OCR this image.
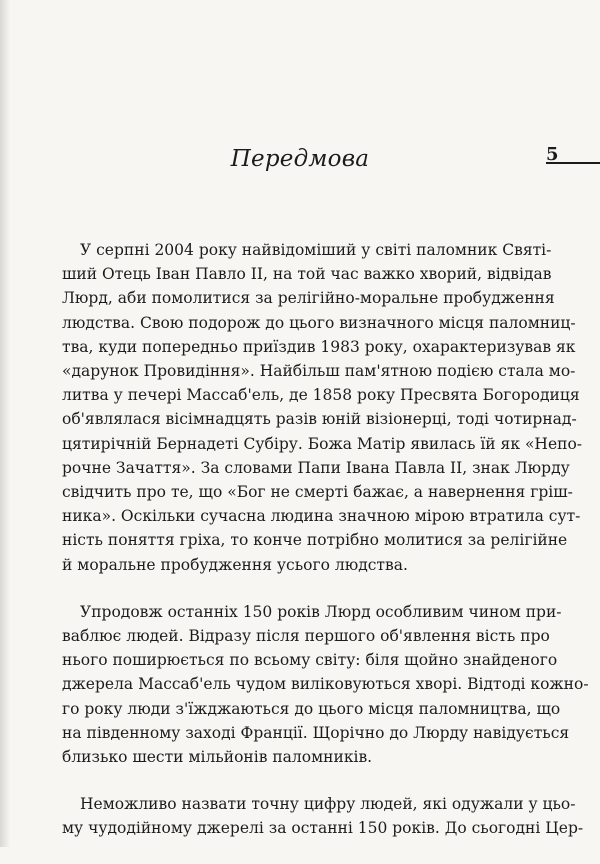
Передмова	5

У серпні 2004 року найвідоміший у світі паломник Святі-
ший Отець Іван Павло ІІ, на той час важко хворий, відвідав
Люрд, аби помолитися за релігійно-моральне пробудження
людства. Свою подорож до цього визначного місця паломниц-
тва, куди попередньо приїздив 1983 року, охарактеризував як
«дарунок Провидіння». Найбільш пам'ятною подією стала мо-
литва у печері Массаб'ель, де 1858 року Пресвята Богородиця
об'являлася вісімнадцять разів юній візіонерці, тоді чотирнад-
цятирічній Бернадеті Субіру. Божа Матір явилась їй як «Непо-
рочне Зачаття». За словами Папи Івана Павла ІІ, знак Люрду
свідчить про те, що «Бог не смерті бажає, а навернення гріш-
ника». Оскільки сучасна людина значною мірою втратила сут-
ність поняття гріха, то конче потрібно молитися за релігійне
й моральне пробудження усього людства.

Упродовж останніх 150 років Люрд особливим чином при-
ваблює людей. Відразу після першого об'явлення вість про
нього поширюється по всьому світу: біля щойно знайденого
джерела Массаб'ель чудом виліковуються хворі. Відтоді кожно-
го року люди з'їжджаються до цього місця паломництва, що
на південному заході Франції. Щорічно до Люрду навідується
близько шести мільйонів паломників.

Неможливо назвати точну цифру людей, які одужали у цьо-
му чудодійному джерелі за останні 150 років. До сьогодні Цер-
